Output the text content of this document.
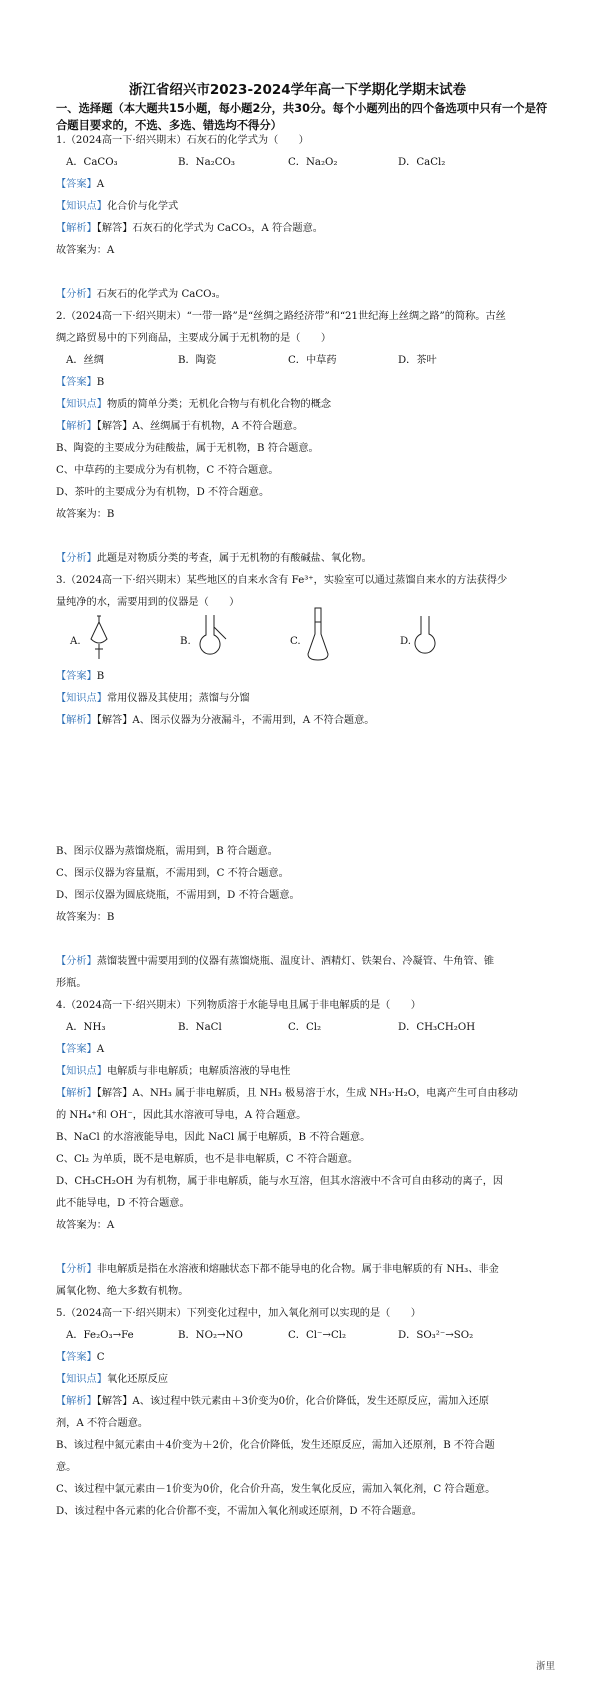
浙江省绍兴市2023-2024学年高一下学期化学期末试卷
一、选择题（本大题共15小题，每小题2分，共30分。每个小题列出的四个备选项中只有一个是符合题目要求的，不选、多选、错选均不得分）
1.（2024高一下·绍兴期末）石灰石的化学式为（　　）
A．CaCO₃	B．Na₂CO₃	C．Na₂O₂	D．CaCl₂
【答案】A
【知识点】化合价与化学式
【解析】【解答】石灰石的化学式为 CaCO₃，A 符合题意。
故答案为：A
【分析】石灰石的化学式为 CaCO₃。
2.（2024高一下·绍兴期末）“一带一路”是“丝绸之路经济带”和“21世纪海上丝绸之路”的简称。古丝
绸之路贸易中的下列商品，主要成分属于无机物的是（　　）
A．丝绸	B．陶瓷	C．中草药	D．茶叶
【答案】B
【知识点】物质的简单分类；无机化合物与有机化合物的概念
【解析】【解答】A、丝绸属于有机物，A 不符合题意。
B、陶瓷的主要成分为硅酸盐，属于无机物，B 符合题意。
C、中草药的主要成分为有机物，C 不符合题意。
D、茶叶的主要成分为有机物，D 不符合题意。
故答案为：B
【分析】此题是对物质分类的考查，属于无机物的有酸碱盐、氧化物。
3.（2024高一下·绍兴期末）某些地区的自来水含有 Fe³⁺，实验室可以通过蒸馏自来水的方法获得少
量纯净的水，需要用到的仪器是（　　）
A.	B.	C.	D.
【答案】B
【知识点】常用仪器及其使用；蒸馏与分馏
【解析】【解答】A、图示仪器为分液漏斗，不需用到，A 不符合题意。
B、图示仪器为蒸馏烧瓶，需用到，B 符合题意。
C、图示仪器为容量瓶，不需用到，C 不符合题意。
D、图示仪器为圆底烧瓶，不需用到，D 不符合题意。
故答案为：B
【分析】蒸馏装置中需要用到的仪器有蒸馏烧瓶、温度计、酒精灯、铁架台、冷凝管、牛角管、锥
形瓶。
4.（2024高一下·绍兴期末）下列物质溶于水能导电且属于非电解质的是（　　）
A．NH₃	B．NaCl	C．Cl₂	D．CH₃CH₂OH
【答案】A
【知识点】电解质与非电解质；电解质溶液的导电性
【解析】【解答】A、NH₃ 属于非电解质，且 NH₃ 极易溶于水，生成 NH₃·H₂O，电离产生可自由移动
的 NH₄⁺和 OH⁻，因此其水溶液可导电，A 符合题意。
B、NaCl 的水溶液能导电，因此 NaCl 属于电解质，B 不符合题意。
C、Cl₂ 为单质，既不是电解质，也不是非电解质，C 不符合题意。
D、CH₃CH₂OH 为有机物，属于非电解质，能与水互溶，但其水溶液中不含可自由移动的离子，因
此不能导电，D 不符合题意。
故答案为：A
【分析】非电解质是指在水溶液和熔融状态下都不能导电的化合物。属于非电解质的有 NH₃、非金
属氧化物、绝大多数有机物。
5.（2024高一下·绍兴期末）下列变化过程中，加入氧化剂可以实现的是（　　）
A．Fe₂O₃→Fe	B．NO₂→NO	C．Cl⁻→Cl₂	D．SO₃²⁻→SO₂
【答案】C
【知识点】氧化还原反应
【解析】【解答】A、该过程中铁元素由＋3价变为0价，化合价降低，发生还原反应，需加入还原
剂，A 不符合题意。
B、该过程中氮元素由＋4价变为＋2价，化合价降低，发生还原反应，需加入还原剂，B 不符合题
意。
C、该过程中氯元素由－1价变为0价，化合价升高，发生氧化反应，需加入氧化剂，C 符合题意。
D、该过程中各元素的化合价都不变，不需加入氧化剂或还原剂，D 不符合题意。
浙里
